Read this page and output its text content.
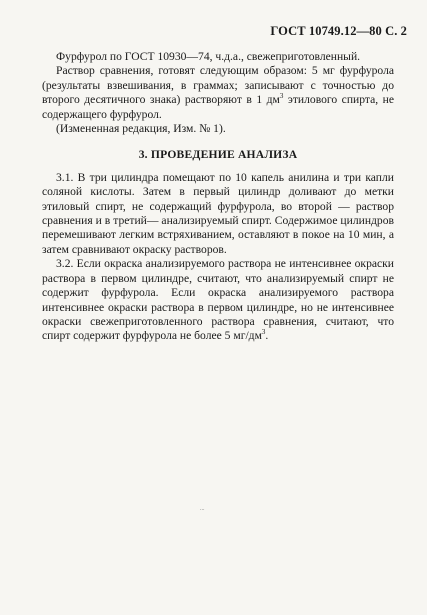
ГОСТ 10749.12—80 С. 2

Фурфурол по ГОСТ 10930—74, ч.д.а., свежеприготовленный.

Раствор сравнения, готовят следующим образом: 5 мг фурфурола (результаты взвешивания, в граммах; записывают с точностью до второго десятичного знака) растворяют в 1 $дм^3$ этилового спирта, не содержащего фурфурол.

(Измененная редакция, Изм. № 1).

3. ПРОВЕДЕНИЕ АНАЛИЗА

3.1. В три цилиндра помещают по 10 капель анилина и три капли соляной кислоты. Затем в первый цилиндр доливают до метки этиловый спирт, не содержащий фурфурола, во второй — раствор сравнения и в третий— анализируемый спирт. Содержимое цилиндров перемешивают легким встряхиванием, оставляют в покое на 10 мин, а затем сравнивают окраску растворов.

3.2. Если окраска анализируемого раствора не интенсивнее окраски раствора в первом цилиндре, считают, что анализируемый спирт не содержит фурфурола. Если окраска анализируемого раствора интенсивнее окраски раствора в первом цилиндре, но не интенсивнее окраски свежеприготовленного раствора сравнения, считают, что спирт содержит фурфурола не более 5 $мг/дм^3$.

...
